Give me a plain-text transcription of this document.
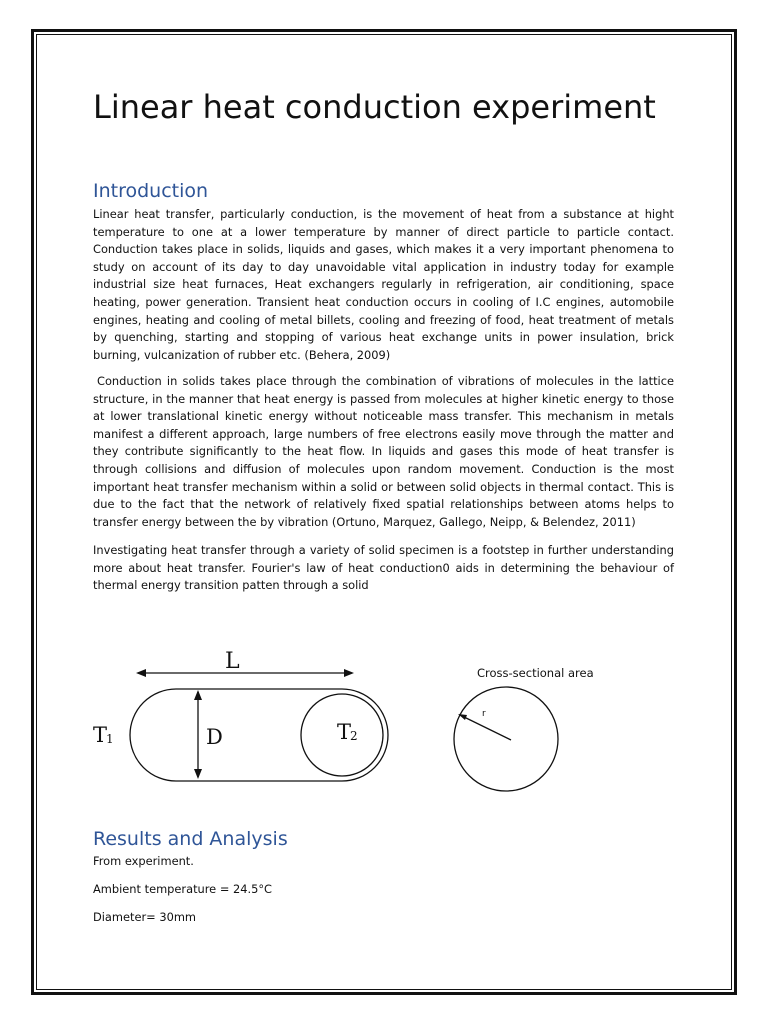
Linear heat conduction experiment
Introduction

Linear heat transfer, particularly conduction, is the movement of heat from a substance at hight temperature to one at a lower temperature by manner of direct particle to particle contact. Conduction takes place in solids, liquids and gases, which makes it a very important phenomena to study on account of its day to day unavoidable vital application in industry today for example industrial size heat furnaces, Heat exchangers regularly in refrigeration, air conditioning, space heating, power generation. Transient heat conduction occurs in cooling of I.C engines, automobile engines, heating and cooling of metal billets, cooling and freezing of food, heat treatment of metals by quenching, starting and stopping of various heat exchange units in power insulation, brick burning, vulcanization of rubber etc. (Behera, 2009)

Conduction in solids takes place through the combination of vibrations of molecules in the lattice structure, in the manner that heat energy is passed from molecules at higher kinetic energy to those at lower translational kinetic energy without noticeable mass transfer. This mechanism in metals manifest a different approach, large numbers of free electrons easily move through the matter and they contribute significantly to the heat flow. In liquids and gases this mode of heat transfer is through collisions and diffusion of molecules upon random movement. Conduction is the most important heat transfer mechanism within a solid or between solid objects in thermal contact. This is due to the fact that the network of relatively fixed spatial relationships between atoms helps to transfer energy between the by vibration (Ortuno, Marquez, Gallego, Neipp, & Belendez, 2011)

Investigating heat transfer through a variety of solid specimen is a footstep in further understanding more about heat transfer. Fourier's law of heat conduction0 aids in determining the behaviour of thermal energy transition patten through a solid

L
D
T
1	T
2
Cross-sectional area
r
Results and Analysis

From experiment.

Ambient temperature = 24.5°C

Diameter= 30mm
